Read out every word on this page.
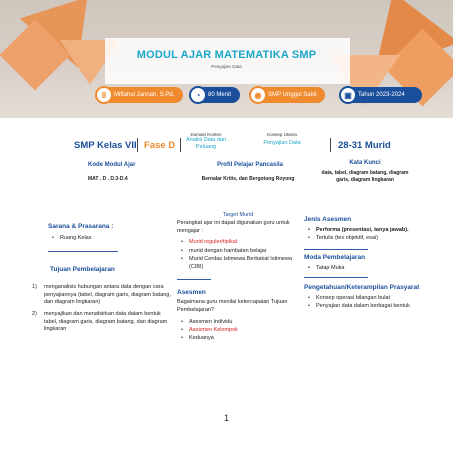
MODUL AJAR MATEMATIKA SMP
Penyajian Data
8	Miftahul Jannah, S.Pd.	◔	80 Menit	◉	SMP Unggul Sakti	▣	Tahun 2023-2024
SMP Kelas VII Fase D
Domain Konten
Analisi Data dan Peluang
Konsep Utama
Penyajian Data	28-31 Murid
Kode Modul Ajar
MAT . D . D.3-D.4
Profil Pelajar Pancasila
Bernalar Kritis, dan Bergotong Royong
Kata Kunci
data, tabel, diagram batang, diagram garis, diagram lingkaran
Sarana & Prasarana :
• Ruang Kelas
Tujuan Pembelajaran
1) menganalisis hubungan antara data dengan cara penyajiannya (tabel, diagram garis, diagram batang, dan diagram lingkaran)
2) menyajikan dan menafsirkan data dalam bentuk tabel, diagram garis, diagram batang, dan diagram lingkaran
Target Murid
Perangkat ajar ini dapat digunakan guru untuk mengajar :
• Murid reguler/tipikal
• murid dengan hambatan belajar
• Murid Cerdas Istimewa Berbakat Istimewa (CIBI)
Asesmen
Bagaimana guru menilai ketercapaian Tujuan Pembelajaran?
• Asesmen Individu
• Asesmen Kelompok
• Keduanya
Jenis Asesmen
• Performa (presentasi, tanya jawab).
• Tertulis (tes objektif, esai)
Moda Pembelajaran
• Tatap Muka
Pengetahuan/Keterampilan Prasyarat
• Konsep operasi bilangan bulat
• Penyajian data dalam berbagai bentuk
1
